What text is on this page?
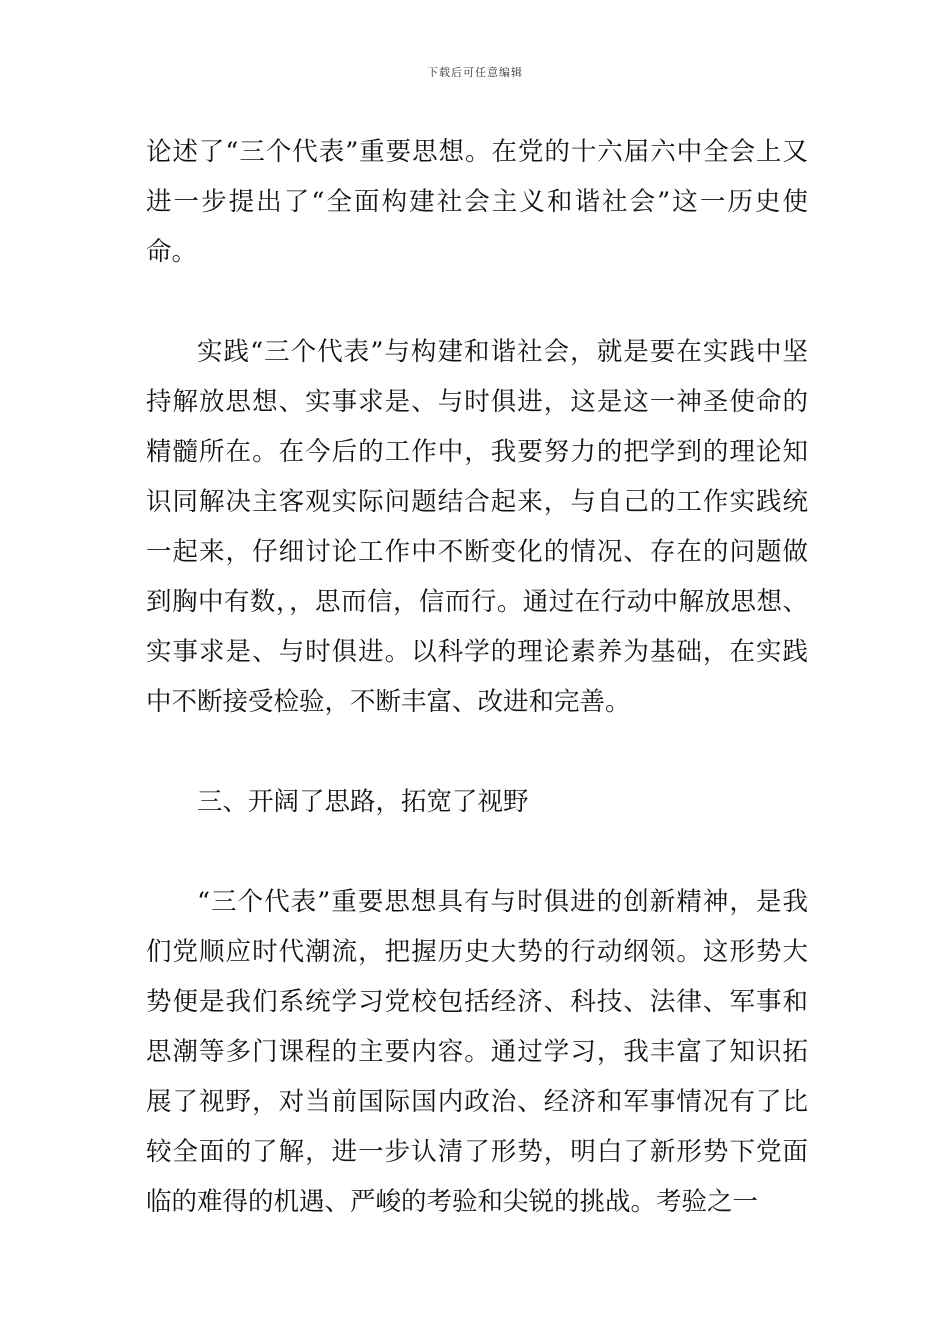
下载后可任意编辑

论述了“三个代表”重要思想。在党的十六届六中全会上又进一步提出了“全面构建社会主义和谐社会”这一历史使命。

实践“三个代表”与构建和谐社会，就是要在实践中坚持解放思想、实事求是、与时俱进，这是这一神圣使命的精髓所在。在今后的工作中，我要努力的把学到的理论知识同解决主客观实际问题结合起来，与自己的工作实践统一起来，仔细讨论工作中不断变化的情况、存在的问题做到胸中有数，，思而信，信而行。通过在行动中解放思想、实事求是、与时俱进。以科学的理论素养为基础，在实践中不断接受检验，不断丰富、改进和完善。

三、开阔了思路，拓宽了视野

“三个代表”重要思想具有与时俱进的创新精神，是我们党顺应时代潮流，把握历史大势的行动纲领。这形势大势便是我们系统学习党校包括经济、科技、法律、军事和思潮等多门课程的主要内容。通过学习，我丰富了知识拓展了视野，对当前国际国内政治、经济和军事情况有了比较全面的了解，进一步认清了形势，明白了新形势下党面临的难得的机遇、严峻的考验和尖锐的挑战。考验之一
